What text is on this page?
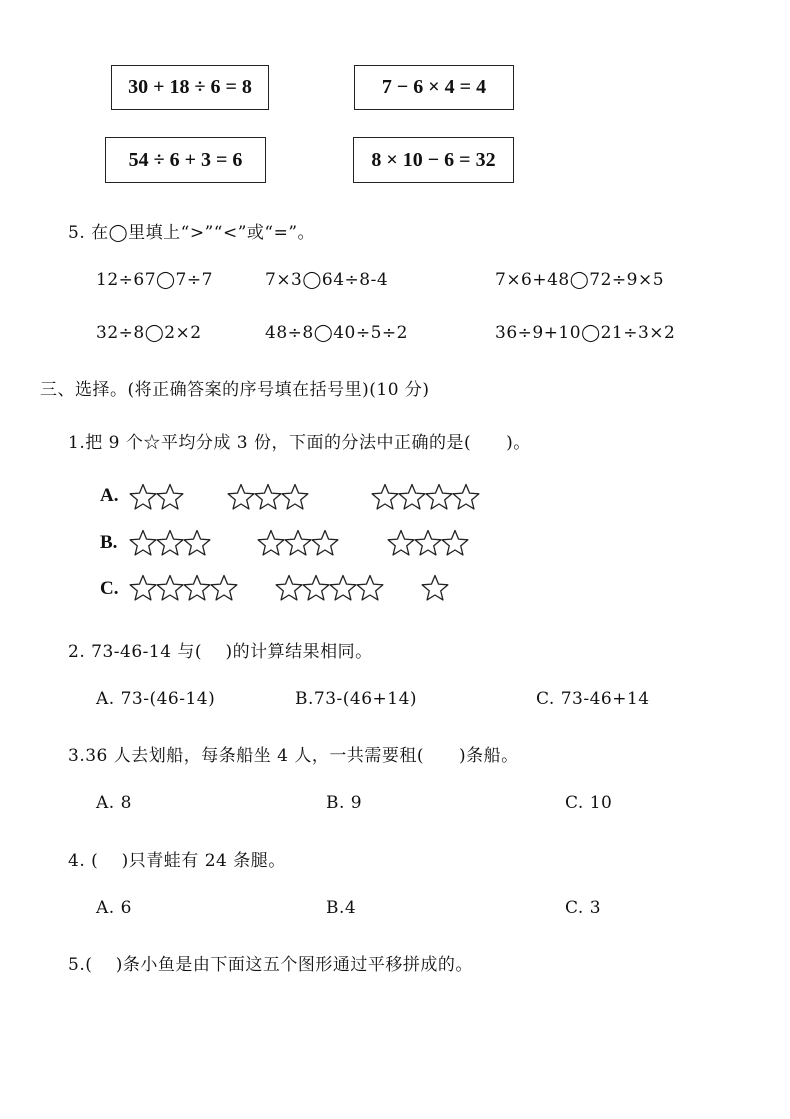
30 + 18 ÷ 6 = 8	7 − 6 × 4 = 4
54 ÷ 6 + 3 = 6	8 × 10 − 6 = 32
5. 在◯里填上“>”“<”或“=”。
12÷67◯7÷7	7×3◯64÷8-4	7×6+48◯72÷9×5
32÷8◯2×2	48÷8◯40÷5÷2	36÷9+10◯21÷3×2
三、选择。(将正确答案的序号填在括号里)(10 分)
1.把 9 个☆平均分成 3 份，下面的分法中正确的是(　　)。
A.
B.
C.
2. 73-46-14 与(　 )的计算结果相同。
A. 73-(46-14)	B.73-(46+14)	C. 73-46+14
3.36 人去划船，每条船坐 4 人，一共需要租(　　)条船。
A. 8	B. 9	C. 10
4. (　 )只青蛙有 24 条腿。
A. 6	B.4	C. 3
5.(　 )条小鱼是由下面这五个图形通过平移拼成的。
